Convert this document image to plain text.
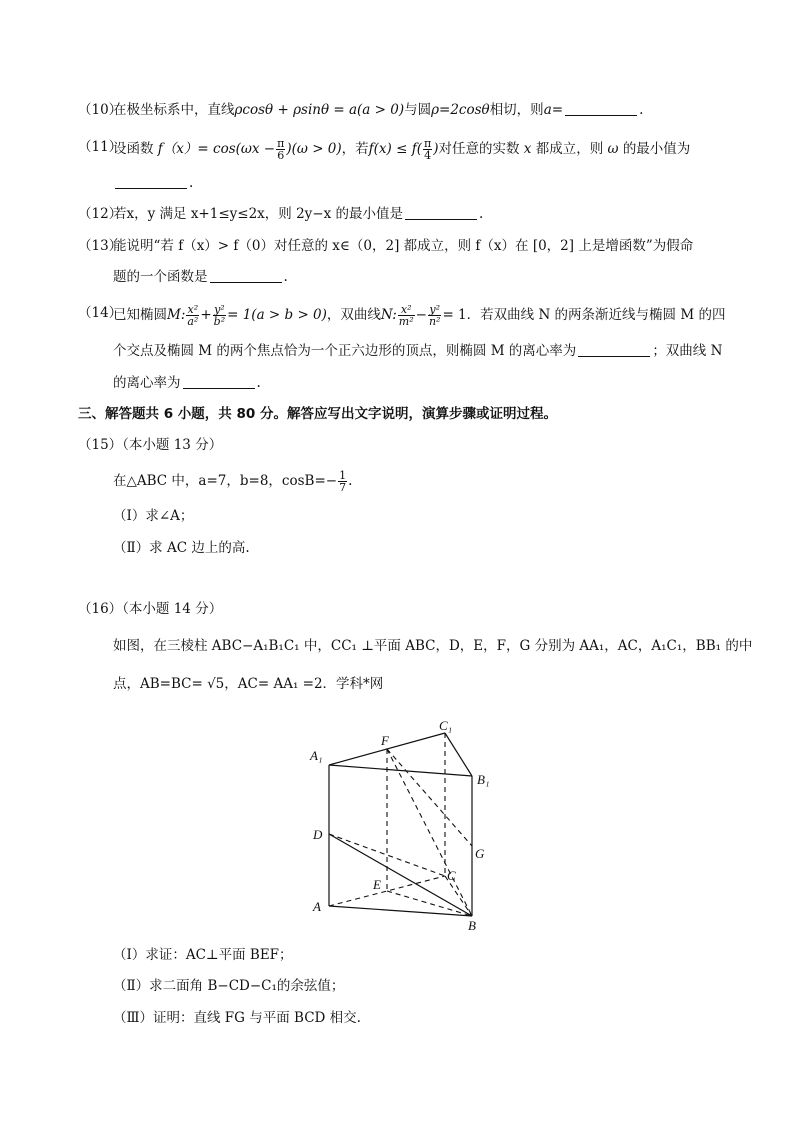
（10）
在极坐标系中，直线ρcosθ + ρsinθ = a(a > 0)与圆ρ=2cosθ相切，则a=	.
（11）
设函数 $f(x)= \cos(\omega x - \frac{\pi}{6} )(\omega > 0)$，若$f(x) \le f( \frac{\pi}{4}$ )对任意的实数 x 都成立，则 ω 的最小值为
.
（12）
若x，y 满足 x+1≤y≤2x，则 2y−x 的最小值是	.
（13）
能说明“若 f（x）> f（0）对任意的 x∈（0，2] 都成立，则 f（x）在 [0，2] 上是增函数”为假命
题的一个函数是	.
（14）
已知椭圆M: $\frac{\text{x²}}{\text{a²}} + \frac{\text{y²}}{\text{b²}} = 1(a > b > 0)$，双曲线N: $\frac{\text{x²}}{\text{m²}} - \frac{\text{y²}}{\text{n²}} = 1$．若双曲线 N 的两条渐近线与椭圆 M 的四
个交点及椭圆 M 的两个焦点恰为一个正六边形的顶点，则椭圆 M 的离心率为	；双曲线 N
的离心率为	.
三、解答题共 6 小题，共 80 分。解答应写出文字说明，演算步骤或证明过程。
（15）（本小题 13 分）
在△ABC 中，a=7，b=8，$\cos B=- \frac{1}{7}$ .
（Ⅰ）求∠A；
（Ⅱ）求 AC 边上的高.
（16）（本小题 14 分）
如图，在三棱柱 ABC−A₁B₁C₁ 中，CC₁ ⊥平面 ABC，D，E，F，G 分别为 AA₁，AC，A₁C₁，BB₁ 的中
点，AB=BC= √5，AC= AA₁ =2．学科*网
A₁
F
C₁
B₁
D
G
E
C
A
B
（Ⅰ）求证：AC⊥平面 BEF；
（Ⅱ）求二面角 B−CD−C₁的余弦值；
（Ⅲ）证明：直线 FG 与平面 BCD 相交.
